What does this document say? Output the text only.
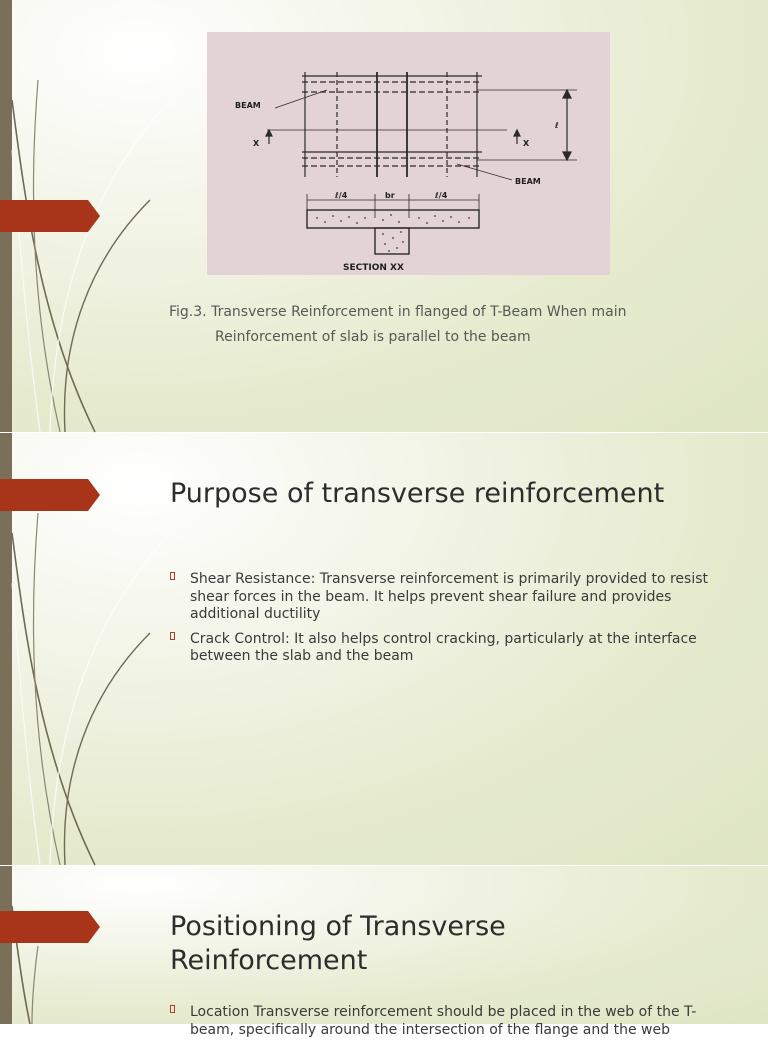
BEAM
BEAM
X	X
ℓ/4	br	ℓ/4
ℓ
SECTION XX
Fig.3. Transverse Reinforcement in flanged of T-Beam When main
Reinforcement of slab is parallel to the beam
Purpose of transverse reinforcement
Shear Resistance: Transverse reinforcement is primarily provided to resist shear forces in the beam. It helps prevent shear failure and provides additional ductility
Crack Control: It also helps control cracking, particularly at the interface between the slab and the beam
Positioning of Transverse Reinforcement
Location Transverse reinforcement should be placed in the web of the T-beam, specifically around the intersection of the flange and the web
